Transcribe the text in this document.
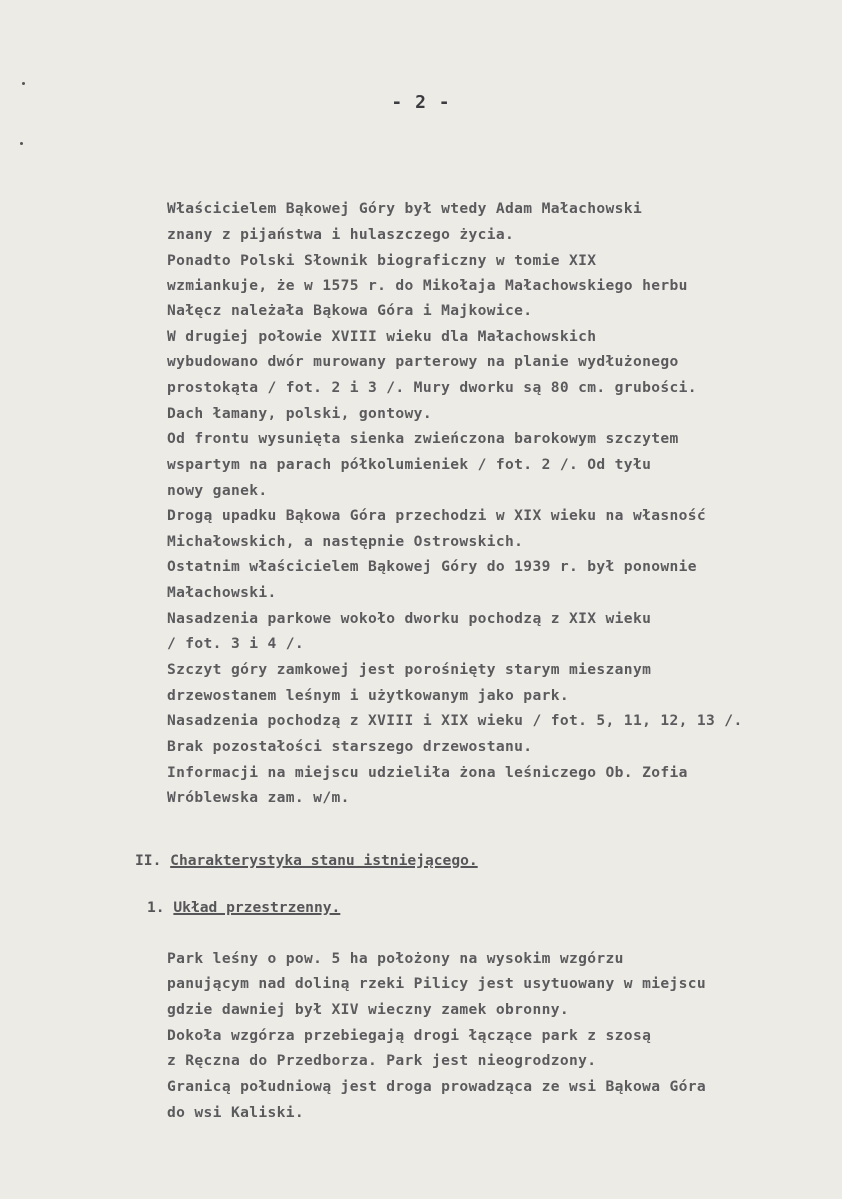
- 2 -

Właścicielem Bąkowej Góry był wtedy Adam Małachowski

znany z pijaństwa i hulaszczego życia.

Ponadto Polski Słownik biograficzny w tomie XIX

wzmiankuje, że w 1575 r. do Mikołaja Małachowskiego herbu

Nałęcz należała Bąkowa Góra i Majkowice.

W drugiej połowie XVIII wieku dla Małachowskich

wybudowano dwór murowany parterowy na planie wydłużonego

prostokąta / fot. 2 i 3 /. Mury dworku są 80 cm. grubości.

Dach łamany, polski, gontowy.

Od frontu wysunięta sienka zwieńczona barokowym szczytem

wspartym na parach półkolumieniek / fot. 2 /. Od tyłu

nowy ganek.

Drogą upadku Bąkowa Góra przechodzi w XIX wieku na własność

Michałowskich, a następnie Ostrowskich.

Ostatnim właścicielem Bąkowej Góry do 1939 r. był ponownie

Małachowski.

Nasadzenia parkowe wokoło dworku pochodzą z XIX wieku

/ fot. 3 i 4 /.

Szczyt góry zamkowej jest porośnięty starym mieszanym

drzewostanem leśnym i użytkowanym jako park.

Nasadzenia pochodzą z XVIII i XIX wieku / fot. 5, 11, 12, 13 /.

Brak pozostałości starszego drzewostanu.

Informacji na miejscu udzieliła żona leśniczego Ob. Zofia

Wróblewska zam. w/m.

II. Charakterystyka stanu istniejącego.
1. Układ przestrzenny.

Park leśny o pow. 5 ha położony na wysokim wzgórzu

panującym nad doliną rzeki Pilicy jest usytuowany w miejscu

gdzie dawniej był XIV wieczny zamek obronny.

Dokoła wzgórza przebiegają drogi łączące park z szosą

z Ręczna do Przedborza. Park jest nieogrodzony.

Granicą południową jest droga prowadząca ze wsi Bąkowa Góra

do wsi Kaliski.
